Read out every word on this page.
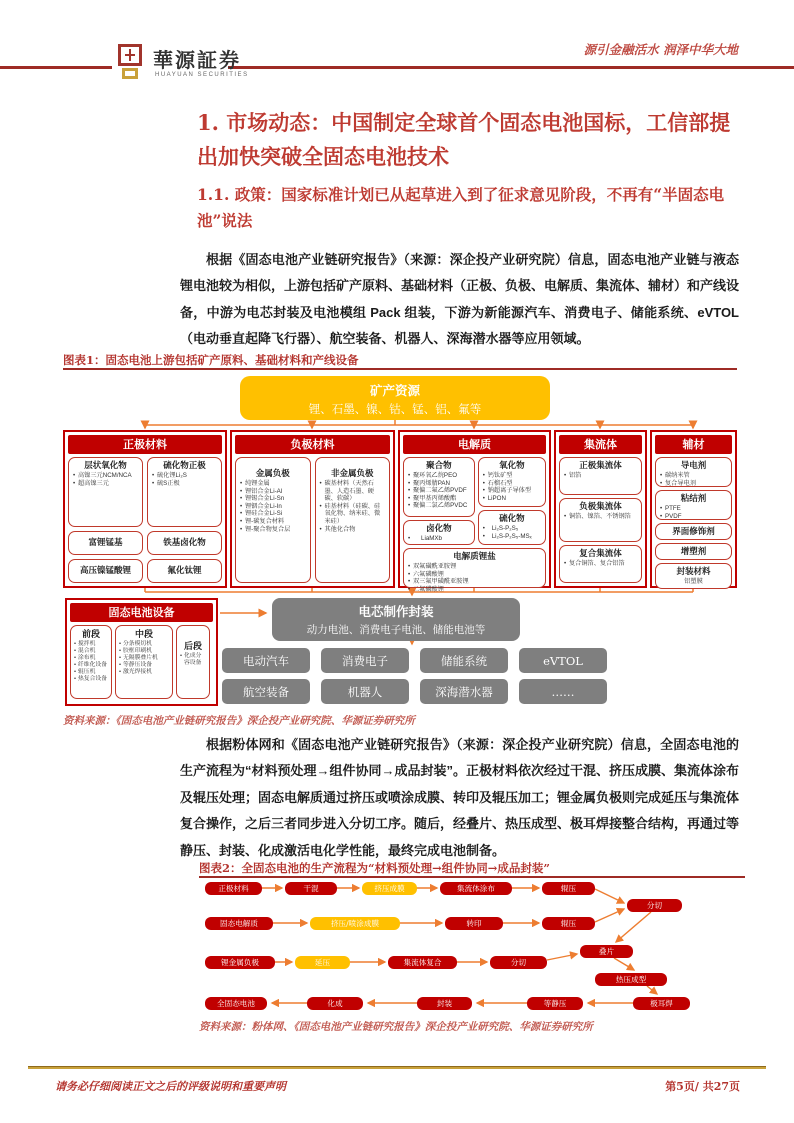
華源証券
HUAYUAN SECURITIES
源引金融活水 润泽中华大地
1. 市场动态：中国制定全球首个固态电池国标，工信部提出加快突破全固态电池技术
1.1. 政策：国家标准计划已从起草进入到了征求意见阶段，不再有“半固态电池”说法
根据《固态电池产业链研究报告》（来源：深企投产业研究院）信息，固态电池产业链与液态锂电池较为相似，上游包括矿产原料、基础材料（正极、负极、电解质、集流体、辅材）和产线设备，中游为电芯封装及电池模组 Pack 组装，下游为新能源汽车、消费电子、储能系统、eVTOL（电动垂直起降飞行器）、航空装备、机器人、深海潜水器等应用领域。
图表1：固态电池上游包括矿产原料、基础材料和产线设备
矿产资源
锂、石墨、镍、钴、锰、铝、氟等
正极材料
层状氧化物
• 高镍三元NCM/NCA
• 超高镍三元
硫化物正极
• 硫化锂Li₂S
• 硫S正极
富锂锰基	铁基卤化物
高压镍锰酸锂	氟化钛锂
负极材料
金属负极
• 纯锂金属
• 锂铝合金Li-Al
• 锂锡合金Li-Sn
• 锂铟合金Li-In
• 锂硅合金Li-Si
• 锂-碳复合材料
• 锂-聚合物复合层
非金属负极
• 碳基材料（天然石墨、人造石墨、硬碳、软碳）
• 硅基材料（硅碳、硅氧化物、纳米硅、微米硅）
• 其他化合物
电解质
聚合物
• 聚环氧乙烷PEO
• 聚丙烯腈PAN
• 聚偏二氟乙烯PVDF
• 聚甲基丙烯酸酯
• 聚偏二氯乙烯PVDC
卤化物
• LiaMXb
氧化物
• 钙钛矿型
• 石榴石型
• 钠超离子导体型
• LiPON
硫化物
• Li₂S-P₂S₅
• Li₂S-P₂S₅-MSₓ
电解质锂盐
• 双氟磺酰亚胺锂
• 六氟磷酸锂
• 双三氟甲磺酰亚胺锂
• 二氟磷酸锂
集流体
正极集流体
• 铝箔
负极集流体
• 铜箔、镍箔、不锈钢箔
复合集流体
• 复合铜箔、复合铝箔
辅材
导电剂
• 碳纳米管
• 复合导电剂
粘结剂
• PTFE
• PVDF
界面修饰剂
增塑剂
封装材料
铝塑膜
固态电池设备
前段
• 搅拌机
• 混合机
• 涂布机
• 纤维化设备
• 辊压机
• 热复合设备
中段
• 分条模切机
• 胶框印刷机
• 无隔膜叠片机
• 等静压设备
• 激光焊接机
后段
• 化成分容设备
电芯制作封装
动力电池、消费电子电池、储能电池等
电动汽车	消费电子	储能系统	eVTOL
航空装备	机器人	深海潜水器	……
资料来源：《固态电池产业链研究报告》深企投产业研究院、华源证券研究所
根据粉体网和《固态电池产业链研究报告》（来源：深企投产业研究院）信息，全固态电池的生产流程为“材料预处理→组件协同→成品封装”。正极材料依次经过干混、挤压成膜、集流体涂布及辊压处理；固态电解质通过挤压或喷涂成膜、转印及辊压加工；锂金属负极则完成延压与集流体复合操作，之后三者同步进入分切工序。随后，经叠片、热压成型、极耳焊接整合结构，再通过等静压、封装、化成激活电化学性能，最终完成电池制备。
图表2：全固态电池的生产流程为“材料预处理→组件协同→成品封装”
正极材料	干混	挤压成膜	集流体涂布	辊压
分切
固态电解质	挤压/喷涂成膜	转印	辊压
锂金属负极	延压	集流体复合	分切
叠片
热压成型
全固态电池	化成	封装	等静压	极耳焊
资料来源：粉体网、《固态电池产业链研究报告》深企投产业研究院、华源证券研究所
请务必仔细阅读正文之后的评级说明和重要声明	第5页/ 共27页
